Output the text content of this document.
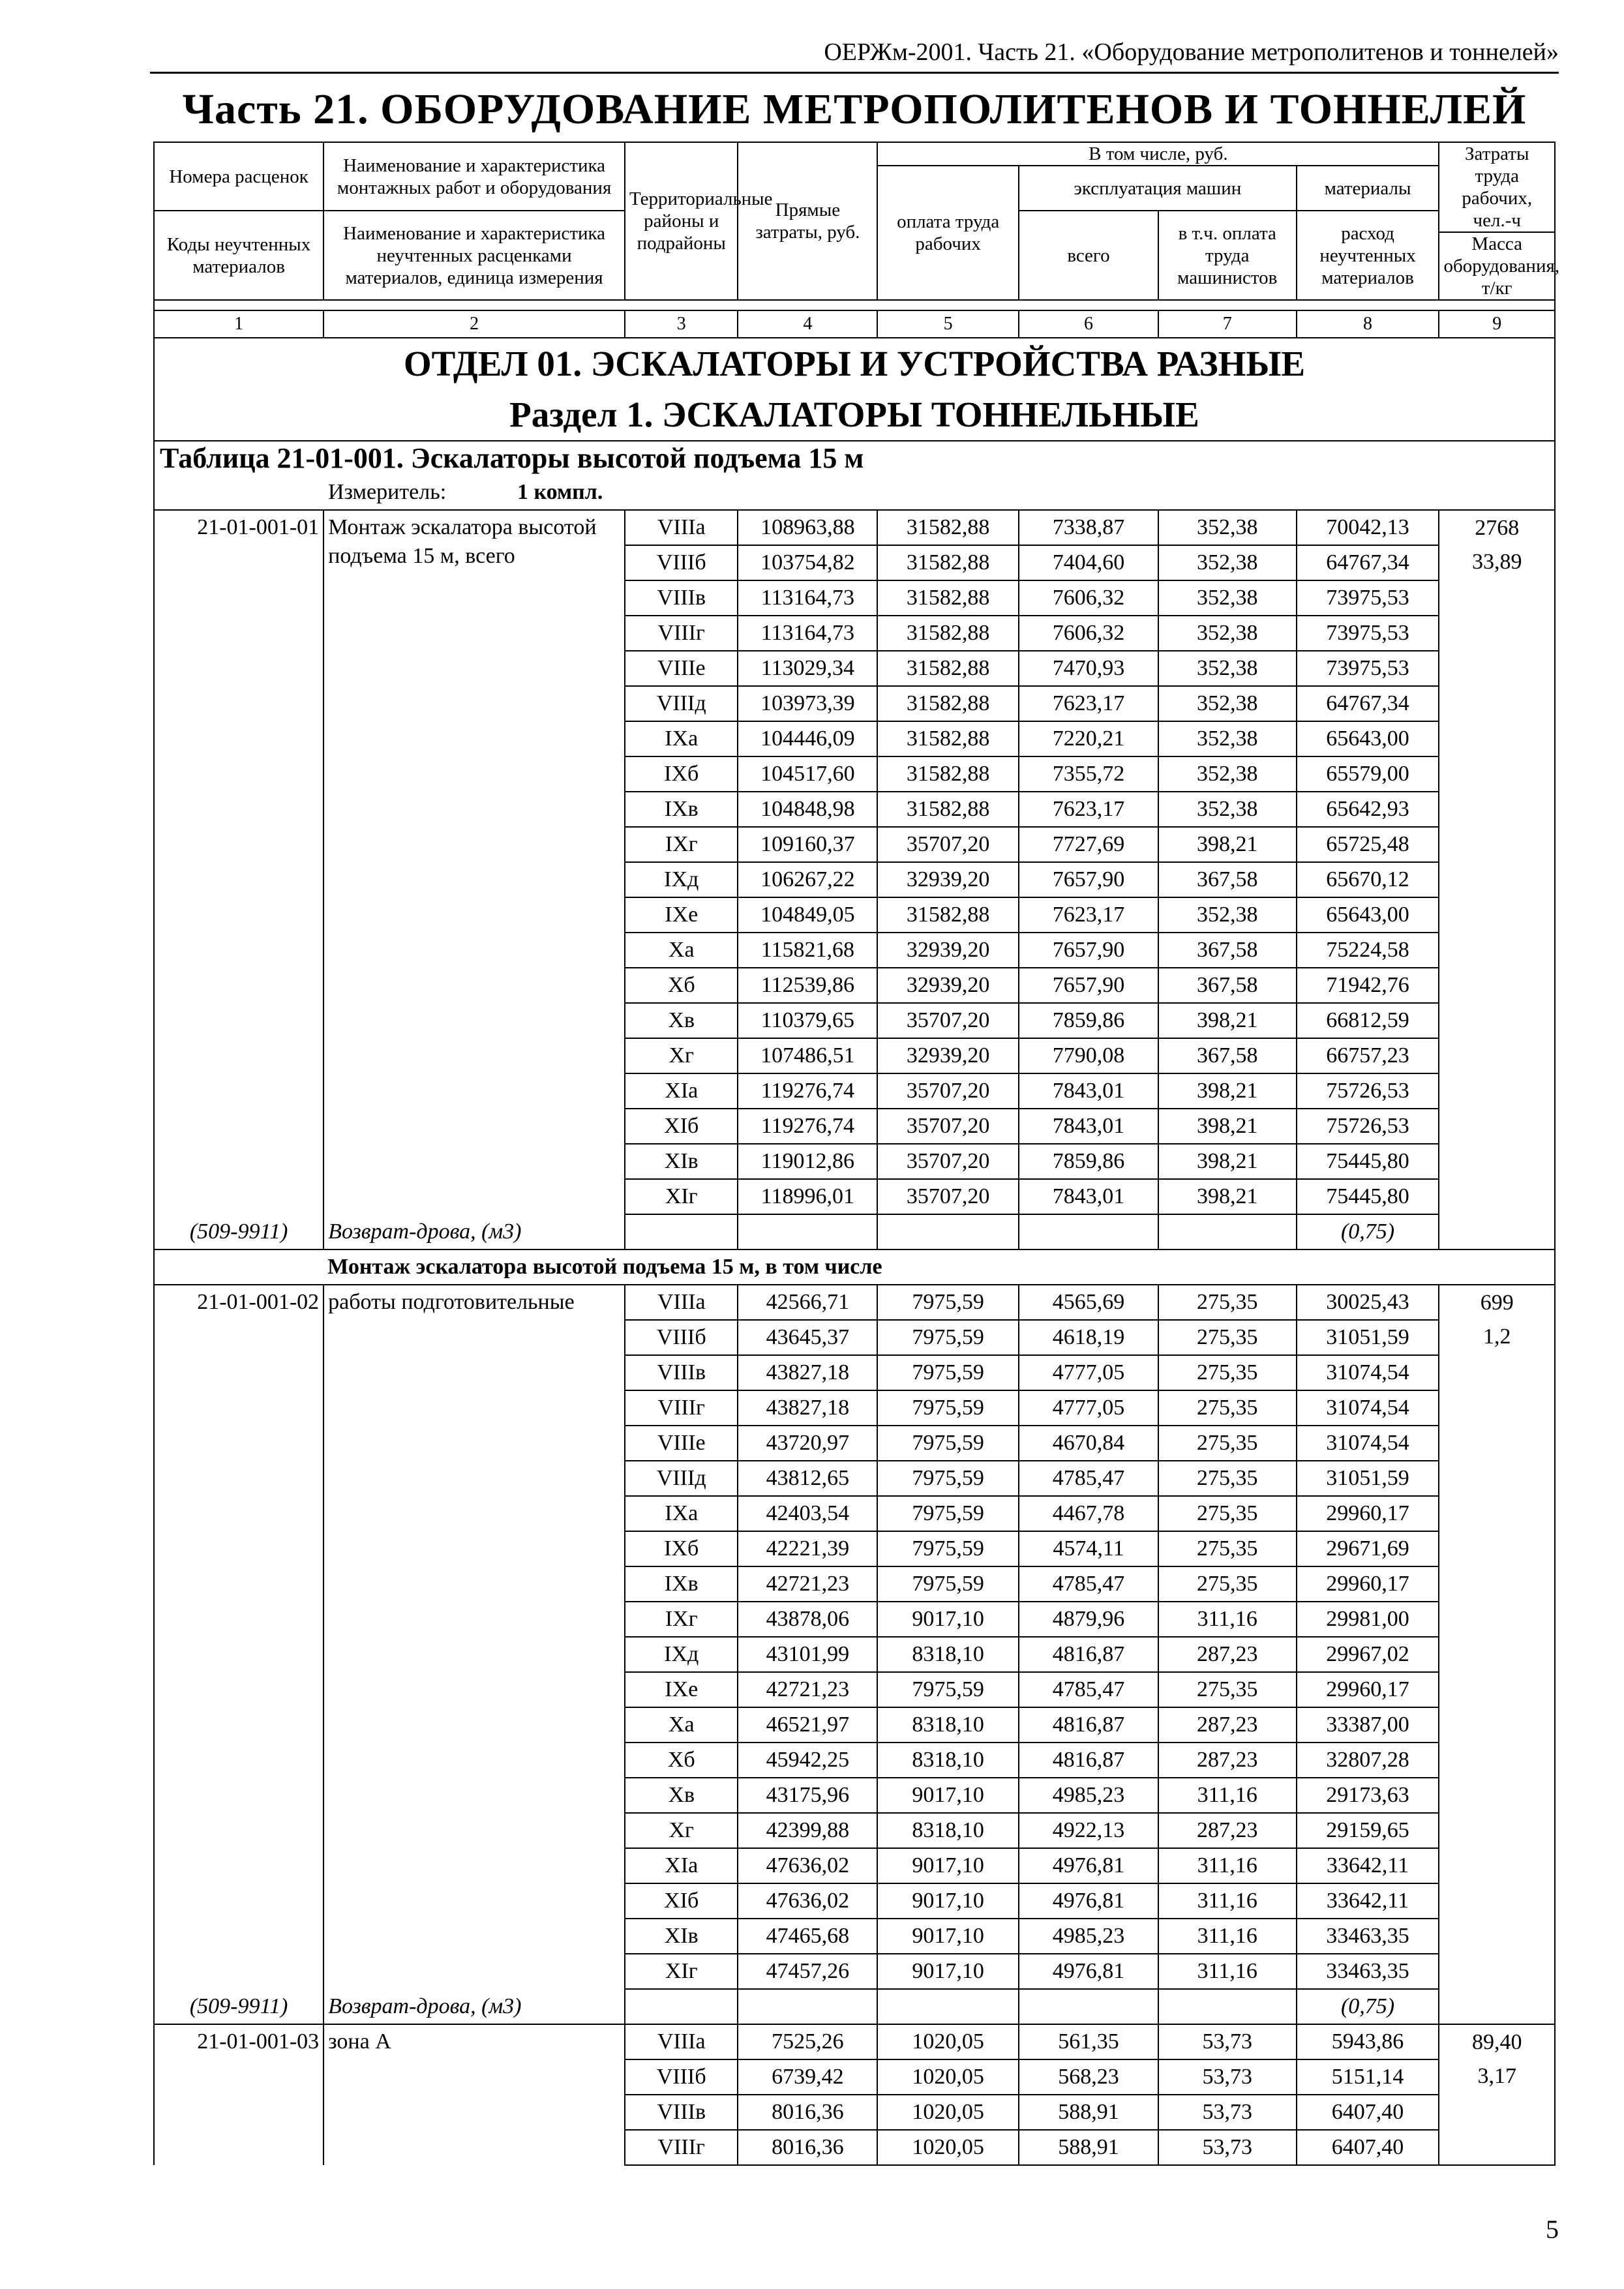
ОЕРЖм-2001. Часть 21. «Оборудование метрополитенов и тоннелей»
Часть 21. ОБОРУДОВАНИЕ МЕТРОПОЛИТЕНОВ И ТОННЕЛЕЙ
Номера расценок	Наименование и характеристика монтажных работ и оборудования	Территориальные районы и подрайоны	Прямые затраты, руб.	В том числе, руб.				Затраты труда рабочих, чел.-ч
				оплата труда рабочих	эксплуатация машин		материалы	
Коды неучтенных материалов	Наименование и характеристика неучтенных расценками материалов, единица измерения				всего	в т.ч. оплата труда машинистов	расход неучтенных материалов	
								Масса оборудования, т/кг

1	2	3	4	5	6	7	8	9

ОТДЕЛ 01. ЭСКАЛАТОРЫ И УСТРОЙСТВА РАЗНЫЕ
Раздел 1. ЭСКАЛАТОРЫ ТОННЕЛЬНЫЕ								

Таблица 21-01-001. Эскалаторы высотой подъема 15 м								
Измеритель: 1 компл.								
21-01-001-01	Монтаж эскалатора высотой подъема 15 м, всего	VIIIа	108963,88	31582,88	7338,87	352,38	70042,13	2768
		VIIIб	103754,82	31582,88	7404,60	352,38	64767,34	33,89
		VIIIв	113164,73	31582,88	7606,32	352,38	73975,53	
		VIIIг	113164,73	31582,88	7606,32	352,38	73975,53	
		VIIIе	113029,34	31582,88	7470,93	352,38	73975,53	
		VIIIд	103973,39	31582,88	7623,17	352,38	64767,34	
		IXа	104446,09	31582,88	7220,21	352,38	65643,00	
		IXб	104517,60	31582,88	7355,72	352,38	65579,00	
		IXв	104848,98	31582,88	7623,17	352,38	65642,93	
		IXг	109160,37	35707,20	7727,69	398,21	65725,48	
		IXд	106267,22	32939,20	7657,90	367,58	65670,12	
		IXе	104849,05	31582,88	7623,17	352,38	65643,00	
		Xа	115821,68	32939,20	7657,90	367,58	75224,58	
		Xб	112539,86	32939,20	7657,90	367,58	71942,76	
		Xв	110379,65	35707,20	7859,86	398,21	66812,59	
		Xг	107486,51	32939,20	7790,08	367,58	66757,23	
		XIа	119276,74	35707,20	7843,01	398,21	75726,53	
		XIб	119276,74	35707,20	7843,01	398,21	75726,53	
		XIв	119012,86	35707,20	7859,86	398,21	75445,80	
		XIг	118996,01	35707,20	7843,01	398,21	75445,80	
(509-9911)	Возврат-дрова, (м3)						(0,75)	
	Монтаж эскалатора высотой подъема 15 м, в том числе							
21-01-001-02	работы подготовительные	VIIIа	42566,71	7975,59	4565,69	275,35	30025,43	699
		VIIIб	43645,37	7975,59	4618,19	275,35	31051,59	1,2
		VIIIв	43827,18	7975,59	4777,05	275,35	31074,54	
		VIIIг	43827,18	7975,59	4777,05	275,35	31074,54	
		VIIIе	43720,97	7975,59	4670,84	275,35	31074,54	
		VIIIд	43812,65	7975,59	4785,47	275,35	31051,59	
		IXа	42403,54	7975,59	4467,78	275,35	29960,17	
		IXб	42221,39	7975,59	4574,11	275,35	29671,69	
		IXв	42721,23	7975,59	4785,47	275,35	29960,17	
		IXг	43878,06	9017,10	4879,96	311,16	29981,00	
		IXд	43101,99	8318,10	4816,87	287,23	29967,02	
		IXе	42721,23	7975,59	4785,47	275,35	29960,17	
		Xа	46521,97	8318,10	4816,87	287,23	33387,00	
		Xб	45942,25	8318,10	4816,87	287,23	32807,28	
		Xв	43175,96	9017,10	4985,23	311,16	29173,63	
		Xг	42399,88	8318,10	4922,13	287,23	29159,65	
		XIа	47636,02	9017,10	4976,81	311,16	33642,11	
		XIб	47636,02	9017,10	4976,81	311,16	33642,11	
		XIв	47465,68	9017,10	4985,23	311,16	33463,35	
		XIг	47457,26	9017,10	4976,81	311,16	33463,35	
(509-9911)	Возврат-дрова, (м3)						(0,75)	
21-01-001-03	зона А	VIIIа	7525,26	1020,05	561,35	53,73	5943,86	89,40
		VIIIб	6739,42	1020,05	568,23	53,73	5151,14	3,17
		VIIIв	8016,36	1020,05	588,91	53,73	6407,40	
		VIIIг	8016,36	1020,05	588,91	53,73	6407,40	
5
